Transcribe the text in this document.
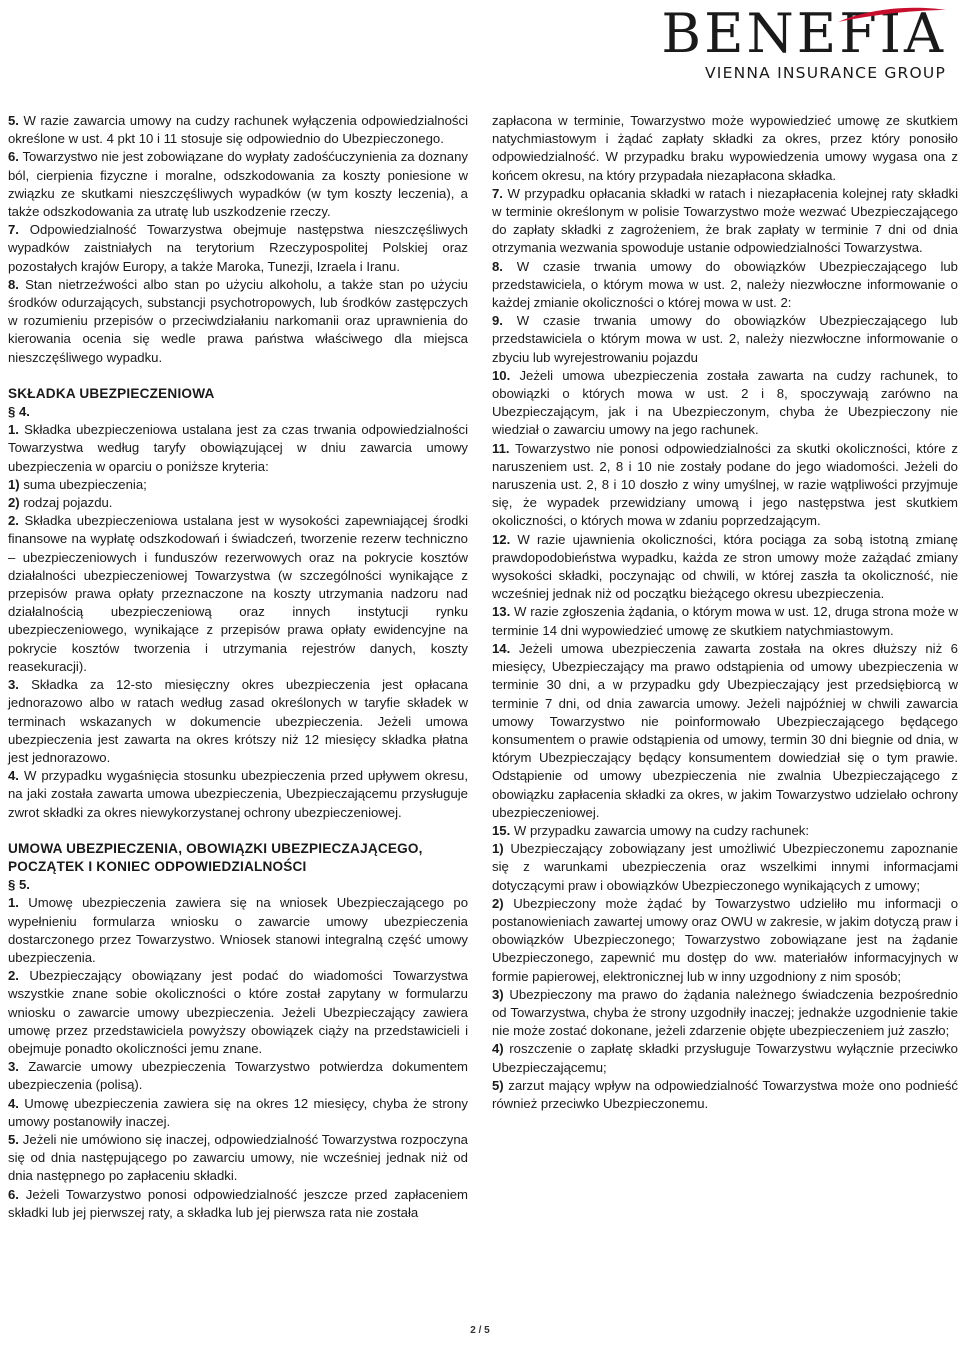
BENEFIA
VIENNA INSURANCE GROUP

5. W razie zawarcia umowy na cudzy rachunek wyłączenia odpowiedzialności określone w ust. 4 pkt 10 i 11 stosuje się odpowiednio do Ubezpieczonego.

6. Towarzystwo nie jest zobowiązane do wypłaty zadośćuczynienia za doznany ból, cierpienia fizyczne i moralne, odszkodowania za koszty poniesione w związku ze skutkami nieszczęśliwych wypadków (w tym koszty leczenia), a także odszkodowania za utratę lub uszkodzenie rzeczy.

7. Odpowiedzialność Towarzystwa obejmuje następstwa nieszczęśliwych wypadków zaistniałych na terytorium Rzeczypospolitej Polskiej oraz pozostałych krajów Europy, a także Maroka, Tunezji, Izraela i Iranu.

8. Stan nietrzeźwości albo stan po użyciu alkoholu, a także stan po użyciu środków odurzających, substancji psychotropowych, lub środków zastępczych w rozumieniu przepisów o przeciwdziałaniu narkomanii oraz uprawnienia do kierowania ocenia się wedle prawa państwa właściwego dla miejsca nieszczęśliwego wypadku.

SKŁADKA UBEZPIECZENIOWA

§ 4.

1. Składka ubezpieczeniowa ustalana jest za czas trwania odpowiedzialności Towarzystwa według taryfy obowiązującej w dniu zawarcia umowy ubezpieczenia w oparciu o poniższe kryteria:

1) suma ubezpieczenia;

2) rodzaj pojazdu.

2. Składka ubezpieczeniowa ustalana jest w wysokości zapewniającej środki finansowe na wypłatę odszkodowań i świadczeń, tworzenie rezerw techniczno – ubezpieczeniowych i funduszów rezerwowych oraz na pokrycie kosztów działalności ubezpieczeniowej Towarzystwa (w szczególności wynikające z przepisów prawa opłaty przeznaczone na koszty utrzymania nadzoru nad działalnością ubezpieczeniową oraz innych instytucji rynku ubezpieczeniowego, wynikające z przepisów prawa opłaty ewidencyjne na pokrycie kosztów tworzenia i utrzymania rejestrów danych, koszty reasekuracji).

3. Składka za 12-sto miesięczny okres ubezpieczenia jest opłacana jednorazowo albo w ratach według zasad określonych w taryfie składek w terminach wskazanych w dokumencie ubezpieczenia. Jeżeli umowa ubezpieczenia jest zawarta na okres krótszy niż 12 miesięcy składka płatna jest jednorazowo.

4. W przypadku wygaśnięcia stosunku ubezpieczenia przed upływem okresu, na jaki została zawarta umowa ubezpieczenia, Ubezpieczającemu przysługuje zwrot składki za okres niewykorzystanej ochrony ubezpieczeniowej.

UMOWA UBEZPIECZENIA, OBOWIĄZKI UBEZPIECZAJĄCEGO, POCZĄTEK I KONIEC ODPOWIEDZIALNOŚCI

§ 5.

1. Umowę ubezpieczenia zawiera się na wniosek Ubezpieczającego po wypełnieniu formularza wniosku o zawarcie umowy ubezpieczenia dostarczonego przez Towarzystwo. Wniosek stanowi integralną część umowy ubezpieczenia.

2. Ubezpieczający obowiązany jest podać do wiadomości Towarzystwa wszystkie znane sobie okoliczności o które został zapytany w formularzu wniosku o zawarcie umowy ubezpieczenia. Jeżeli Ubezpieczający zawiera umowę przez przedstawiciela powyższy obowiązek ciąży na przedstawicieli i obejmuje ponadto okoliczności jemu znane.

3. Zawarcie umowy ubezpieczenia Towarzystwo potwierdza dokumentem ubezpieczenia (polisą).

4. Umowę ubezpieczenia zawiera się na okres 12 miesięcy, chyba że strony umowy postanowiły inaczej.

5. Jeżeli nie umówiono się inaczej, odpowiedzialność Towarzystwa rozpoczyna się od dnia następującego po zawarciu umowy, nie wcześniej jednak niż od dnia następnego po zapłaceniu składki.

6. Jeżeli Towarzystwo ponosi odpowiedzialność jeszcze przed zapłaceniem składki lub jej pierwszej raty, a składka lub jej pierwsza rata nie została

zapłacona w terminie, Towarzystwo może wypowiedzieć umowę ze skutkiem natychmiastowym i żądać zapłaty składki za okres, przez który ponosiło odpowiedzialność. W przypadku braku wypowiedzenia umowy wygasa ona z końcem okresu, na który przypadała niezapłacona składka.

7. W przypadku opłacania składki w ratach i niezapłacenia kolejnej raty składki w terminie określonym w polisie Towarzystwo może wezwać Ubezpieczającego do zapłaty składki z zagrożeniem, że brak zapłaty w terminie 7 dni od dnia otrzymania wezwania spowoduje ustanie odpowiedzialności Towarzystwa.

8. W czasie trwania umowy do obowiązków Ubezpieczającego lub przedstawiciela, o którym mowa w ust. 2, należy niezwłoczne informowanie o każdej zmianie okoliczności o której mowa w ust. 2:

9. W czasie trwania umowy do obowiązków Ubezpieczającego lub przedstawiciela o którym mowa w ust. 2, należy niezwłoczne informowanie o zbyciu lub wyrejestrowaniu pojazdu

10. Jeżeli umowa ubezpieczenia została zawarta na cudzy rachunek, to obowiązki o których mowa w ust. 2 i 8, spoczywają zarówno na Ubezpieczającym, jak i na Ubezpieczonym, chyba że Ubezpieczony nie wiedział o zawarciu umowy na jego rachunek.

11. Towarzystwo nie ponosi odpowiedzialności za skutki okoliczności, które z naruszeniem ust. 2, 8 i 10 nie zostały podane do jego wiadomości. Jeżeli do naruszenia ust. 2, 8 i 10 doszło z winy umyślnej, w razie wątpliwości przyjmuje się, że wypadek przewidziany umową i jego następstwa jest skutkiem okoliczności, o których mowa w zdaniu poprzedzającym.

12. W razie ujawnienia okoliczności, która pociąga za sobą istotną zmianę prawdopodobieństwa wypadku, każda ze stron umowy może zażądać zmiany wysokości składki, poczynając od chwili, w której zaszła ta okoliczność, nie wcześniej jednak niż od początku bieżącego okresu ubezpieczenia.

13. W razie zgłoszenia żądania, o którym mowa w ust. 12, druga strona może w terminie 14 dni wypowiedzieć umowę ze skutkiem natychmiastowym.

14. Jeżeli umowa ubezpieczenia zawarta została na okres dłuższy niż 6 miesięcy, Ubezpieczający ma prawo odstąpienia od umowy ubezpieczenia w terminie 30 dni, a w przypadku gdy Ubezpieczający jest przedsiębiorcą w terminie 7 dni, od dnia zawarcia umowy. Jeżeli najpóźniej w chwili zawarcia umowy Towarzystwo nie poinformowało Ubezpieczającego będącego konsumentem o prawie odstąpienia od umowy, termin 30 dni biegnie od dnia, w którym Ubezpieczający będący konsumentem dowiedział się o tym prawie. Odstąpienie od umowy ubezpieczenia nie zwalnia Ubezpieczającego z obowiązku zapłacenia składki za okres, w jakim Towarzystwo udzielało ochrony ubezpieczeniowej.

15. W przypadku zawarcia umowy na cudzy rachunek:

1) Ubezpieczający zobowiązany jest umożliwić Ubezpieczonemu zapoznanie się z warunkami ubezpieczenia oraz wszelkimi innymi informacjami dotyczącymi praw i obowiązków Ubezpieczonego wynikających z umowy;

2) Ubezpieczony może żądać by Towarzystwo udzieliło mu informacji o postanowieniach zawartej umowy oraz OWU w zakresie, w jakim dotyczą praw i obowiązków Ubezpieczonego; Towarzystwo zobowiązane jest na żądanie Ubezpieczonego, zapewnić mu dostęp do ww. materiałów informacyjnych w formie papierowej, elektronicznej lub w inny uzgodniony z nim sposób;

3) Ubezpieczony ma prawo do żądania należnego świadczenia bezpośrednio od Towarzystwa, chyba że strony uzgodniły inaczej; jednakże uzgodnienie takie nie może zostać dokonane, jeżeli zdarzenie objęte ubezpieczeniem już zaszło;

4) roszczenie o zapłatę składki przysługuje Towarzystwu wyłącznie przeciwko Ubezpieczającemu;

5) zarzut mający wpływ na odpowiedzialność Towarzystwa może ono podnieść również przeciwko Ubezpieczonemu.

2 / 5
